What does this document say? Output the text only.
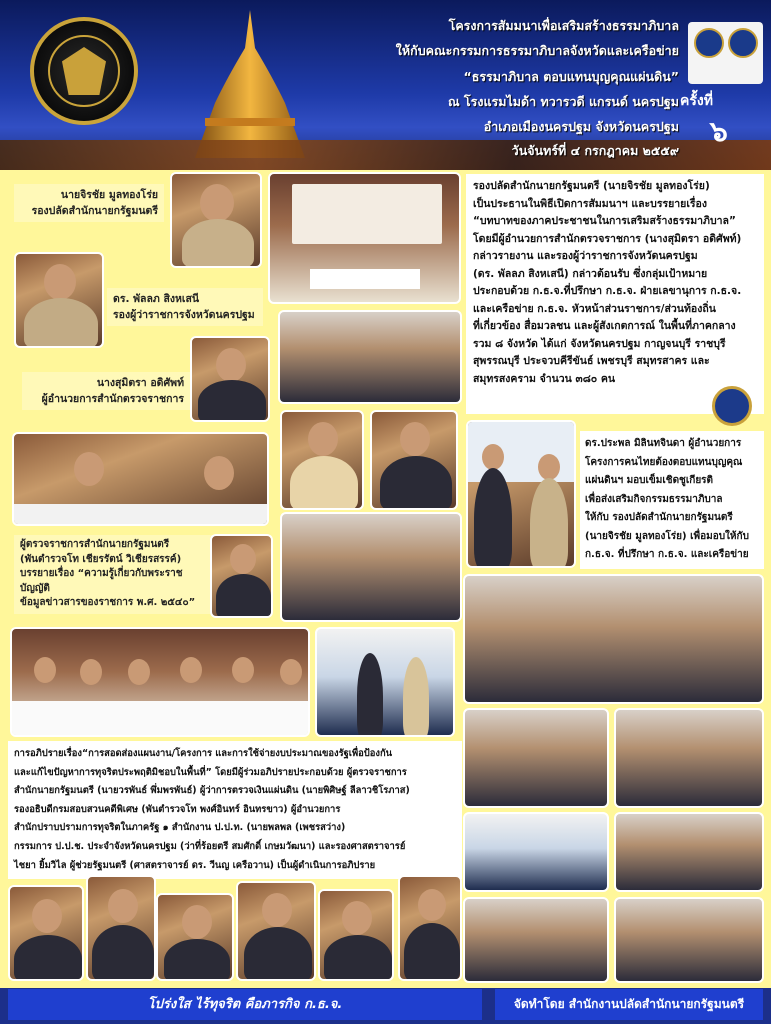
โครงการสัมมนาเพื่อเสริมสร้างธรรมาภิบาล
ให้กับคณะกรรมการธรรมาภิบาลจังหวัดและเครือข่าย
“ธรรมาภิบาล ตอบแทนบุญคุณแผ่นดิน”
ณ โรงแรมไมด้า ทวารวดี แกรนด์ นครปฐม
อำเภอเมืองนครปฐม จังหวัดนครปฐม
วันจันทร์ที่ ๔ กรกฎาคม ๒๕๕๙
ครั้งที่
๖
นายจิรชัย มูลทองโร่ย
รองปลัดสำนักนายกรัฐมนตรี
ดร. พัลลภ สิงหเสนี
รองผู้ว่าราชการจังหวัดนครปฐม
นางสุมิตรา อดิศัพท์
ผู้อำนวยการสำนักตรวจราชการ
ผู้ตรวจราชการสำนักนายกรัฐมนตรี
(พันตำรวจโท เชียรรัตน์ วิเชียรสรรค์)
บรรยายเรื่อง “ความรู้เกี่ยวกับพระราชบัญญัติ
ข้อมูลข่าวสารของราชการ พ.ศ. ๒๕๔๐”
รองปลัดสำนักนายกรัฐมนตรี (นายจิรชัย มูลทองโร่ย)
เป็นประธานในพิธีเปิดการสัมมนาฯ และบรรยายเรื่อง
“บทบาทของภาคประชาชนในการเสริมสร้างธรรมาภิบาล”
โดยมีผู้อำนวยการสำนักตรวจราชการ (นางสุมิตรา อดิศัพท์)
กล่าวรายงาน และรองผู้ว่าราชการจังหวัดนครปฐม
(ดร. พัลลภ สิงหเสนี) กล่าวต้อนรับ ซึ่งกลุ่มเป้าหมาย
ประกอบด้วย ก.ธ.จ.ที่ปรึกษา ก.ธ.จ. ฝ่ายเลขานุการ ก.ธ.จ.
และเครือข่าย ก.ธ.จ. หัวหน้าส่วนราชการ/ส่วนท้องถิ่น
ที่เกี่ยวข้อง สื่อมวลชน และผู้สังเกตการณ์ ในพื้นที่ภาคกลาง
รวม ๘ จังหวัด ได้แก่ จังหวัดนครปฐม กาญจนบุรี ราชบุรี
สุพรรณบุรี ประจวบคีรีขันธ์ เพชรบุรี สมุทรสาคร และ
สมุทรสงคราม จำนวน ๓๘๐ คน
ดร.ประพล มิลินทจินดา ผู้อำนวยการ
โครงการคนไทยต้องตอบแทนบุญคุณ
แผ่นดินฯ มอบเข็มเชิดชูเกียรติ
เพื่อส่งเสริมกิจกรรมธรรมาภิบาล
ให้กับ รองปลัดสำนักนายกรัฐมนตรี
(นายจิรชัย มูลทองโร่ย) เพื่อมอบให้กับ
ก.ธ.จ. ที่ปรึกษา ก.ธ.จ. และเครือข่าย
การอภิปรายเรื่อง“การสอดส่องแผนงาน/โครงการ และการใช้จ่ายงบประมาณของรัฐเพื่อป้องกัน
และแก้ไขปัญหาการทุจริตประพฤติมิชอบในพื้นที่” โดยมีผู้ร่วมอภิปรายประกอบด้วย ผู้ตรวจราชการ
สำนักนายกรัฐมนตรี (นายวรพันธ์ พึ่มพรพันธ์) ผู้ว่าการตรวจเงินแผ่นดิน (นายพิศิษฐ์ ลีลาวชิโรภาส)
รองอธิบดีกรมสอบสวนคดีพิเศษ (พันตำรวจโท พงศ์อินทร์ อินทรขาว) ผู้อำนวยการ
สำนักปราบปรามการทุจริตในภาครัฐ ๑ สำนักงาน ป.ป.ท. (นายพลพล (เพชรสว่าง)
กรรมการ ป.ป.ช. ประจำจังหวัดนครปฐม (ว่าที่ร้อยตรี สมศักดิ์ เกษมวัฒนา) และรองศาสตราจารย์
ไชยา ยิ้มวิไล ผู้ช่วยรัฐมนตรี (ศาสตราจารย์ ดร. วีนญ เครือวาน) เป็นผู้ดำเนินการอภิปราย
โปร่งใส ไร้ทุจริต คือภารกิจ ก.ธ.จ.	จัดทำโดย สำนักงานปลัดสำนักนายกรัฐมนตรี
